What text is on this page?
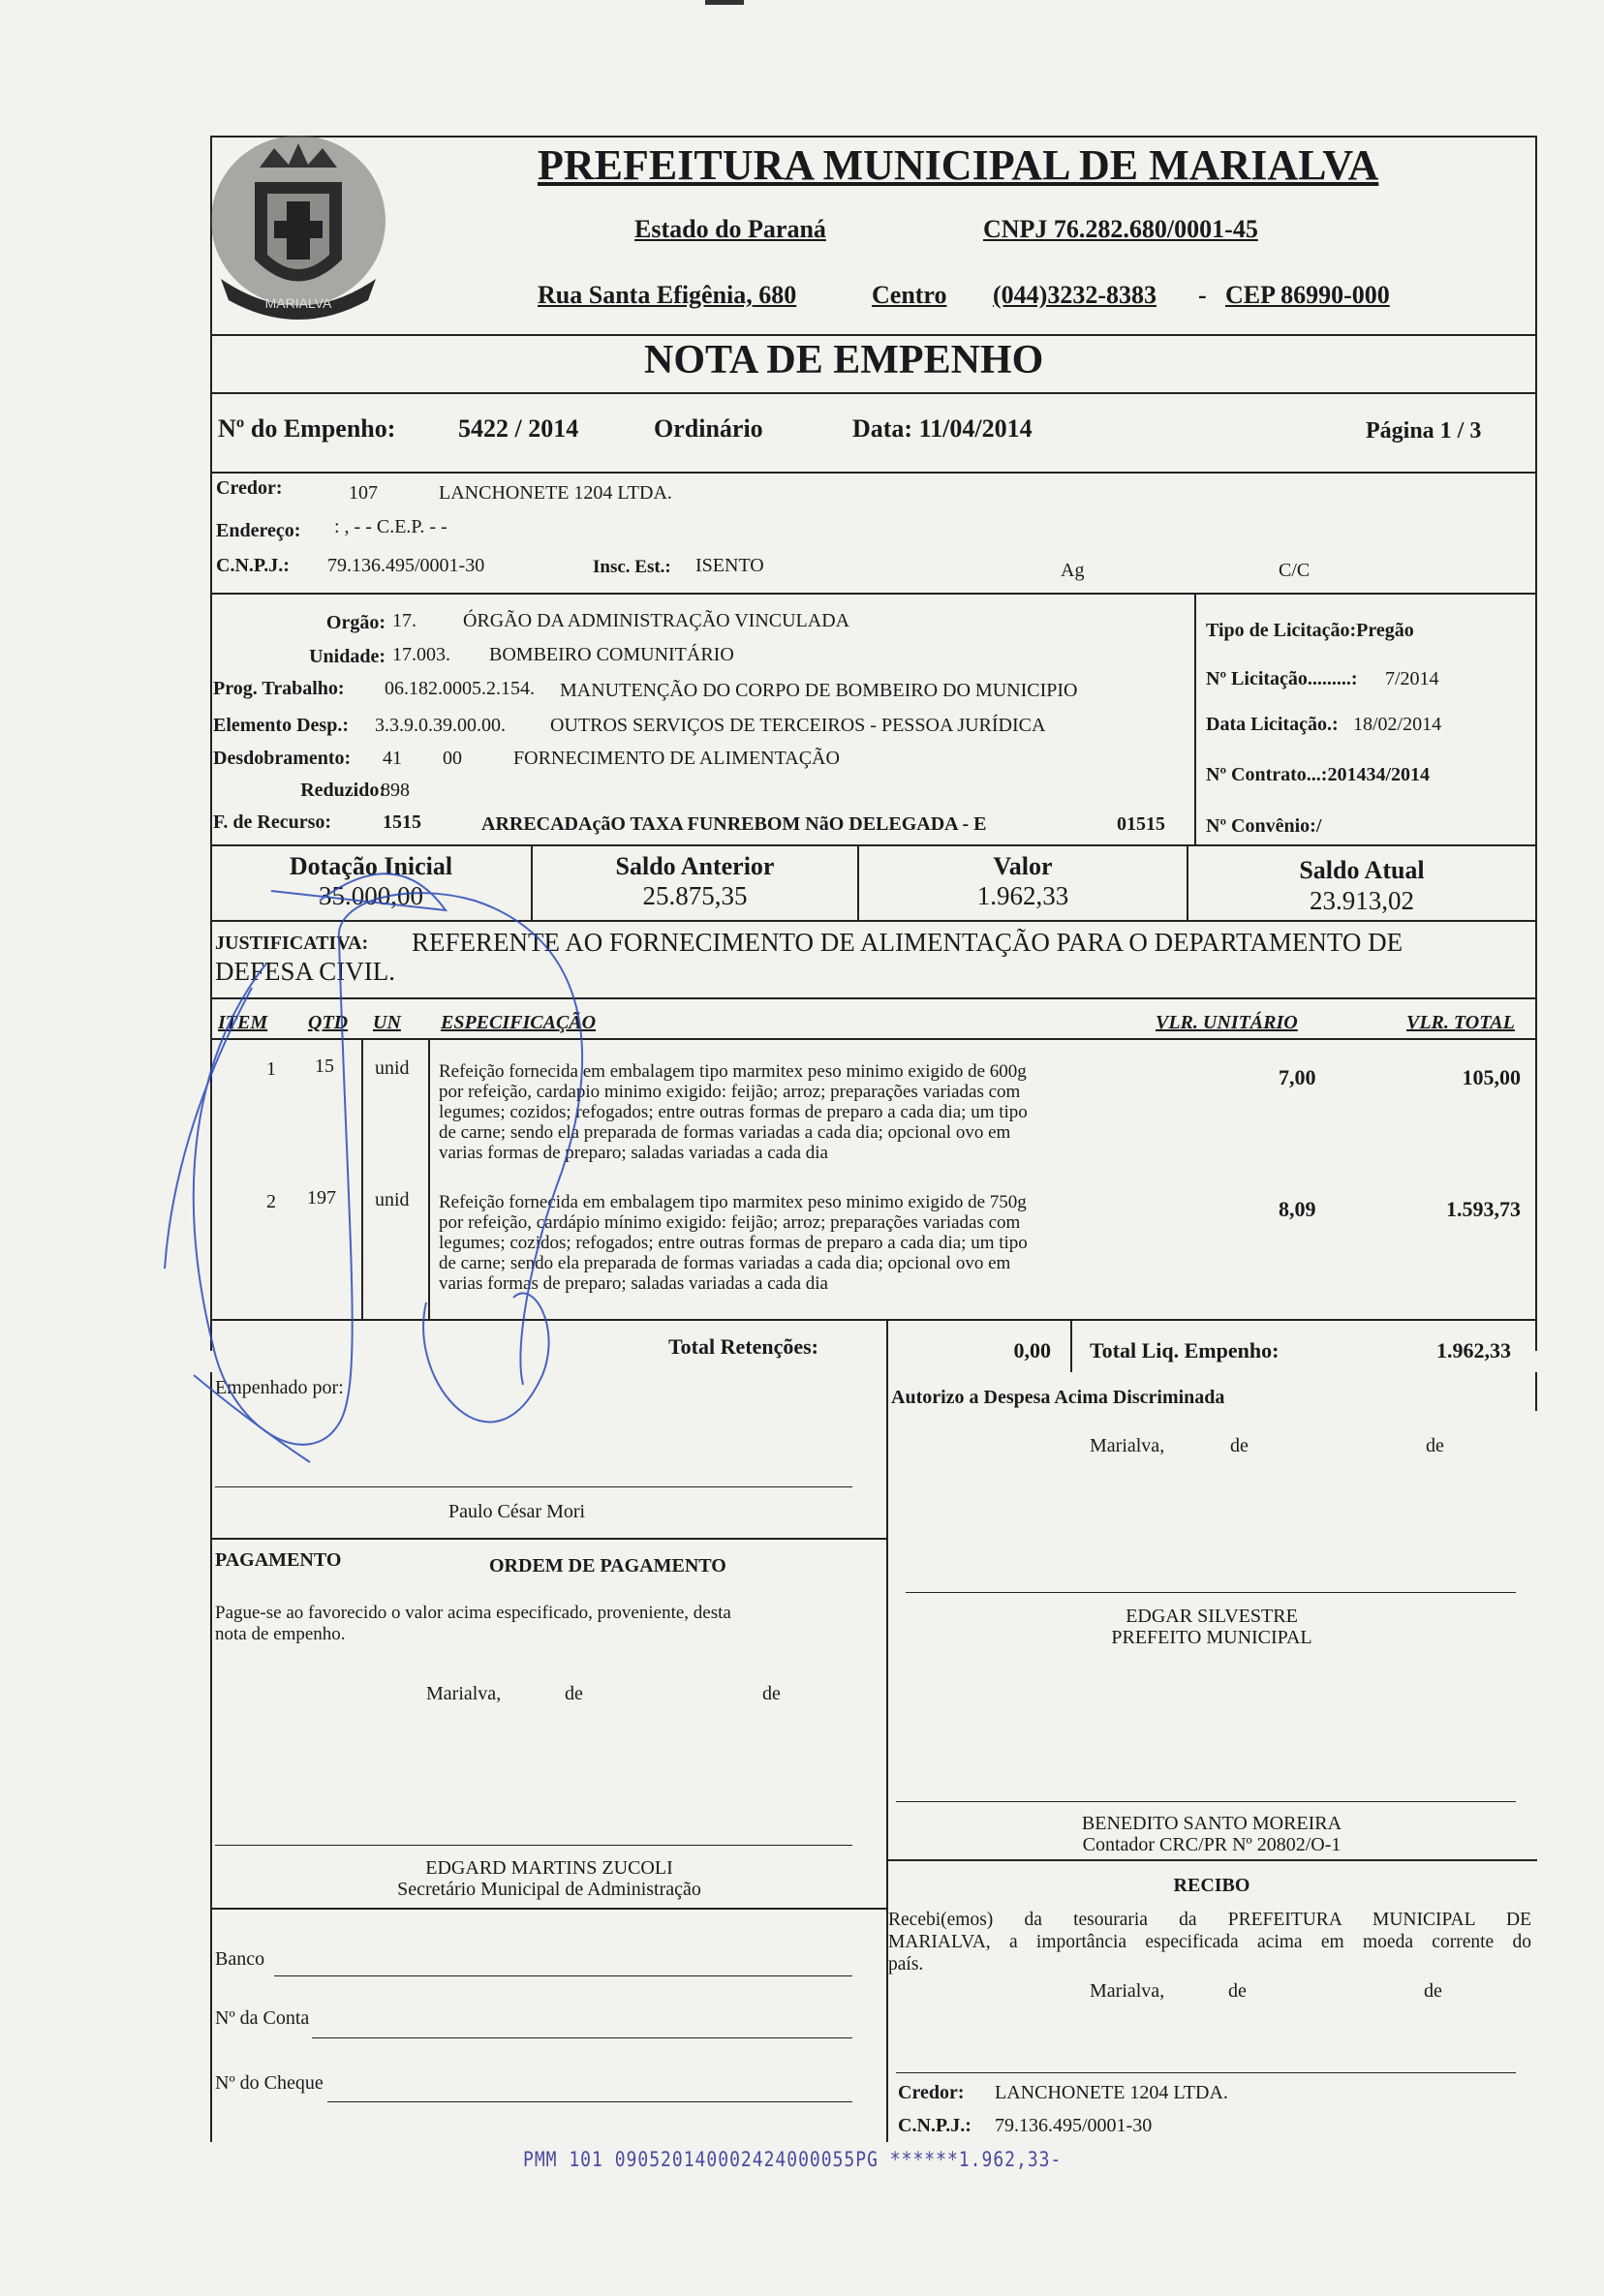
MARIALVA
PREFEITURA MUNICIPAL DE MARIALVA
Estado do Paraná	CNPJ 76.282.680/0001-45
Rua Santa Efigênia, 680	Centro (044)3232-8383 - CEP 86990-000
NOTA DE EMPENHO
Nº do Empenho: 5422 / 2014	Ordinário	Data: 11/04/2014	Página 1 / 3
Credor:	107	LANCHONETE 1204 LTDA.
Endereço: : , - - C.E.P. - -
C.N.P.J.: 79.136.495/0001-30	Insc. Est.: ISENTO	Ag	C/C
Orgão: 17. ÓRGÃO DA ADMINISTRAÇÃO VINCULADA
Unidade: 17.003. BOMBEIRO COMUNITÁRIO
Prog. Trabalho: 06.182.0005.2.154. MANUTENÇÃO DO CORPO DE BOMBEIRO DO MUNICIPIO
Elemento Desp.: 3.3.9.0.39.00.00. OUTROS SERVIÇOS DE TERCEIROS - PESSOA JURÍDICA
Desdobramento: 41 00	FORNECIMENTO DE ALIMENTAÇÃO
Reduzido:
898
F. de Recurso:	1515	ARRECADAçãO TAXA FUNREBOM NãO DELEGADA - E	01515
Tipo de Licitação:Pregão
Nº Licitação.........: 7/2014
Data Licitação.: 18/02/2014
Nº Contrato...:201434/2014
Nº Convênio:/
Dotação Inicial
35.000,00
Saldo Anterior
25.875,35
Valor
1.962,33
Saldo Atual
23.913,02
JUSTIFICATIVA: REFERENTE AO FORNECIMENTO DE ALIMENTAÇÃO PARA O DEPARTAMENTO DE
DEFESA CIVIL.
ITEM QTD UN ESPECIFICAÇÃO	VLR. UNITÁRIO	VLR. TOTAL
1 15 unid Refeição fornecida em embalagem tipo marmitex peso minimo exigido de 600g
por refeição, cardapio minimo exigido: feijão; arroz; preparações variadas com
legumes; cozidos; refogados; entre outras formas de preparo a cada dia; um tipo
de carne; sendo ela preparada de formas variadas a cada dia; opcional ovo em
varias formas de preparo; saladas variadas a cada dia
7,00	105,00
2 197 unid Refeição fornecida em embalagem tipo marmitex peso minimo exigido de 750g
por refeição, cardápio mínimo exigido: feijão; arroz; preparações variadas com
legumes; cozidos; refogados; entre outras formas de preparo a cada dia; um tipo
de carne; sendo ela preparada de formas variadas a cada dia; opcional ovo em
varias formas de preparo; saladas variadas a cada dia
8,09	1.593,73
Total Retenções:	0,00 Total Liq. Empenho:	1.962,33
Empenhado por:
Paulo César Mori
Autorizo a Despesa Acima Discriminada
Marialva,	de	de
EDGAR SILVESTRE
PREFEITO MUNICIPAL
PAGAMENTO	ORDEM DE PAGAMENTO
Pague-se ao favorecido o valor acima especificado, proveniente, desta
nota de empenho.
Marialva,	de	de
EDGARD MARTINS ZUCOLI
Secretário Municipal de Administração
BENEDITO SANTO MOREIRA
Contador CRC/PR Nº 20802/O-1
RECIBO
Recebi(emos) da tesouraria da PREFEITURA MUNICIPAL DE
MARIALVA, a importância especificada acima em moeda corrente do
país.
Marialva,	de	de
Banco
Nº da Conta
Nº do Cheque	Credor: LANCHONETE 1204 LTDA.
C.N.P.J.: 79.136.495/0001-30
PMM 101 090520140002424000055PG ******1.962,33-
